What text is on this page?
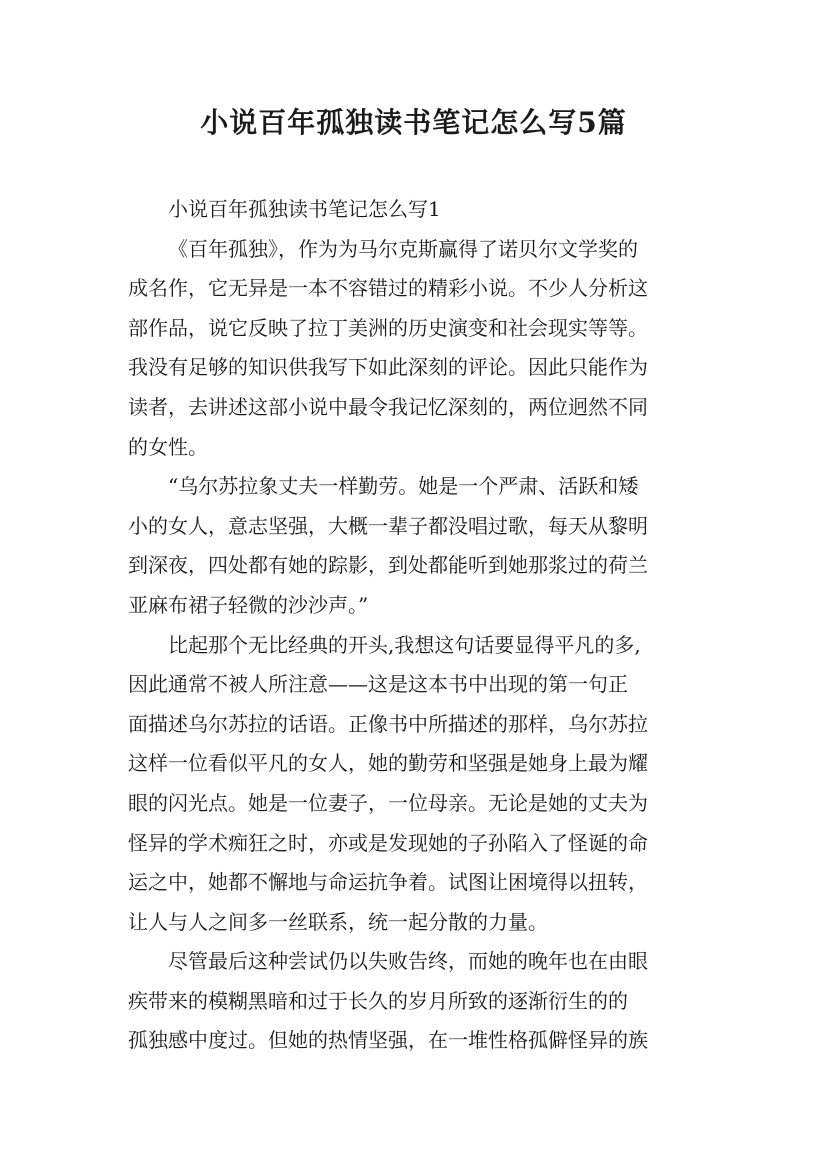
小说百年孤独读书笔记怎么写5篇
小说百年孤独读书笔记怎么写1
《百年孤独》，作为为马尔克斯赢得了诺贝尔文学奖的
成名作，它无异是一本不容错过的精彩小说。不少人分析这
部作品，说它反映了拉丁美洲的历史演变和社会现实等等。
我没有足够的知识供我写下如此深刻的评论。因此只能作为
读者，去讲述这部小说中最令我记忆深刻的，两位迥然不同
的女性。
“乌尔苏拉象丈夫一样勤劳。她是一个严肃、活跃和矮
小的女人，意志坚强，大概一辈子都没唱过歌，每天从黎明
到深夜，四处都有她的踪影，到处都能听到她那浆过的荷兰
亚麻布裙子轻微的沙沙声。”
比起那个无比经典的开头,我想这句话要显得平凡的多,
因此通常不被人所注意——这是这本书中出现的第一句正
面描述乌尔苏拉的话语。正像书中所描述的那样，乌尔苏拉
这样一位看似平凡的女人，她的勤劳和坚强是她身上最为耀
眼的闪光点。她是一位妻子，一位母亲。无论是她的丈夫为
怪异的学术痴狂之时，亦或是发现她的子孙陷入了怪诞的命
运之中，她都不懈地与命运抗争着。试图让困境得以扭转，
让人与人之间多一丝联系，统一起分散的力量。
尽管最后这种尝试仍以失败告终，而她的晚年也在由眼
疾带来的模糊黑暗和过于长久的岁月所致的逐渐衍生的的
孤独感中度过。但她的热情坚强，在一堆性格孤僻怪异的族
